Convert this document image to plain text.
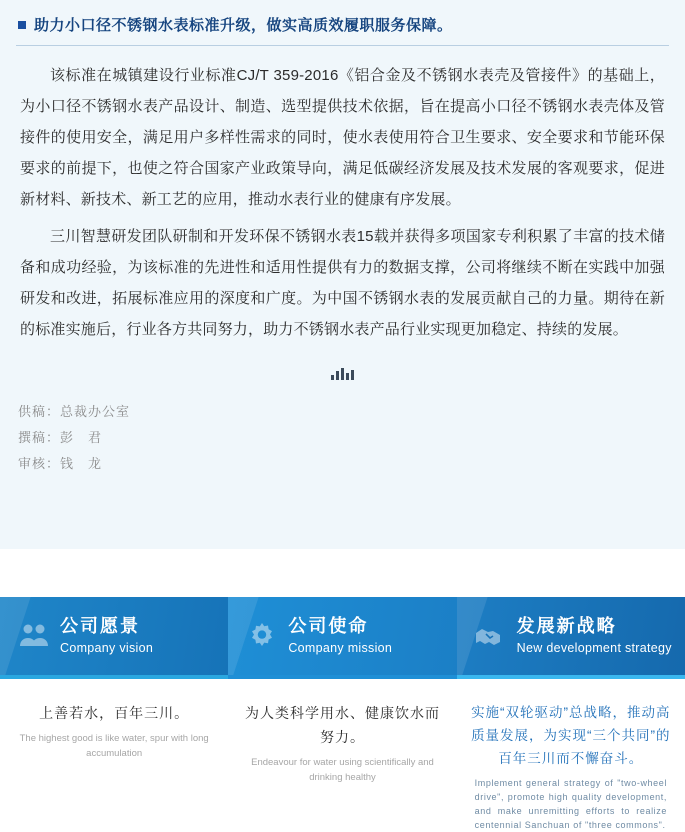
助力小口径不锈钢水表标准升级，做实高质效履职服务保障。

该标准在城镇建设行业标准CJ/T 359-2016《铝合金及不锈钢水表壳及管接件》的基础上，为小口径不锈钢水表产品设计、制造、选型提供技术依据，旨在提高小口径不锈钢水表壳体及管接件的使用安全，满足用户多样性需求的同时，使水表使用符合卫生要求、安全要求和节能环保要求的前提下，也使之符合国家产业政策导向，满足低碳经济发展及技术发展的客观要求，促进新材料、新技术、新工艺的应用，推动水表行业的健康有序发展。

三川智慧研发团队研制和开发环保不锈钢水表15载并获得多项国家专利积累了丰富的技术储备和成功经验，为该标准的先进性和适用性提供有力的数据支撑，公司将继续不断在实践中加强研发和改进，拓展标准应用的深度和广度。为中国不锈钢水表的发展贡献自己的力量。期待在新的标准实施后，行业各方共同努力，助力不锈钢水表产品行业实现更加稳定、持续的发展。

供稿：总裁办公室
撰稿：彭　君
审核：钱　龙
公司愿景
Company vision
公司使命
Company mission
发展新战略
New development strategy
上善若水，百年三川。
The highest good is like water, spur with long accumulation
为人类科学用水、健康饮水而努力。
Endeavour for water using scientifically and drinking healthy
实施“双轮驱动”总战略，推动高质量发展，为实现“三个共同”的百年三川而不懈奋斗。
Implement general strategy of "two-wheel drive", promote high quality development, and make unremitting efforts to realize centennial Sanchuan of "three commons".
